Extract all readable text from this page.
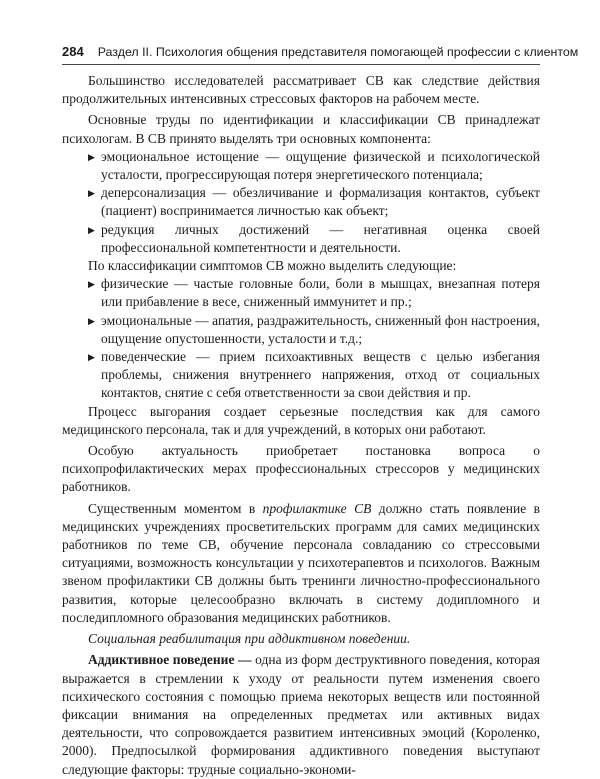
284 Раздел II. Психология общения представителя помогающей профессии с клиентом

Большинство исследователей рассматривает СВ как следствие действия продолжительных интенсивных стрессовых факторов на рабочем месте.

Основные труды по идентификации и классификации СВ принадлежат психологам. В СВ принято выделять три основных компонента:

▶ эмоциональное истощение — ощущение физической и психологической усталости, прогрессирующая потеря энергетического потенциала;
▶ деперсонализация — обезличивание и формализация контактов, субъект (пациент) воспринимается личностью как объект;
▶ редукция личных достижений — негативная оценка своей профессиональной компетентности и деятельности.

По классификации симптомов СВ можно выделить следующие:

▶ физические — частые головные боли, боли в мышцах, внезапная потеря или прибавление в весе, сниженный иммунитет и пр.;
▶ эмоциональные — апатия, раздражительность, сниженный фон настроения, ощущение опустошенности, усталости и т.д.;
▶ поведенческие — прием психоактивных веществ с целью избегания проблемы, снижения внутреннего напряжения, отход от социальных контактов, снятие с себя ответственности за свои действия и пр.

Процесс выгорания создает серьезные последствия как для самого медицинского персонала, так и для учреждений, в которых они работают.

Особую актуальность приобретает постановка вопроса о психопрофилактических мерах профессиональных стрессоров у медицинских работников.

Существенным моментом в профилактике СВ должно стать появление в медицинских учреждениях просветительских программ для самих медицинских работников по теме СВ, обучение персонала совладанию со стрессовыми ситуациями, возможность консультации у психотерапевтов и психологов. Важным звеном профилактики СВ должны быть тренинги личностно-профессионального развития, которые целесообразно включать в систему додипломного и последипломного образования медицинских работников.

Социальная реабилитация при аддиктивном поведении.

Аддиктивное поведение — одна из форм деструктивного поведения, которая выражается в стремлении к уходу от реальности путем изменения своего психического состояния с помощью приема некоторых веществ или постоянной фиксации внимания на определенных предметах или активных видах деятельности, что сопровождается развитием интенсивных эмоций (Короленко, 2000). Предпосылкой формирования аддиктивного поведения выступают следующие факторы: трудные социально-экономи-
